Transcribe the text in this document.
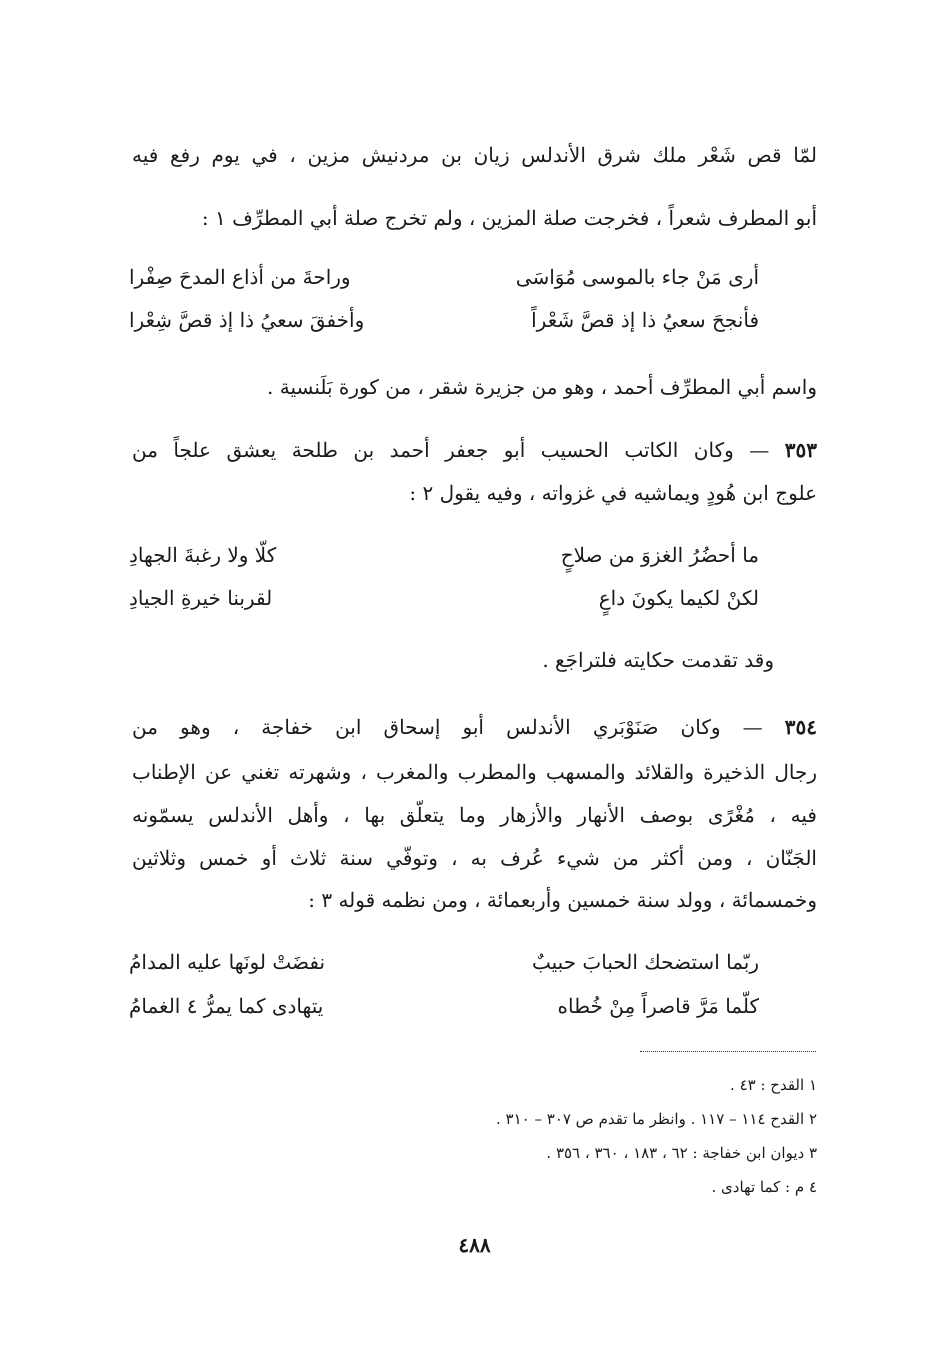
لمّا قص شَعْر ملك شرق الأندلس زيان بن مردنيش مزين ، في يوم رفع فيه
أبو المطرف شعراً ، فخرجت صلة المزين ، ولم تخرج صلة أبي المطرِّف ١ :
أرى مَنْ جاء بالموسى مُوَاسَى
وراحةَ من أذاع المدحَ صِفْرا
فأنجحَ سعيُ ذا إذ قصَّ شَعْراً
وأخفقَ سعيُ ذا إذ قصَّ شِعْرا
واسم أبي المطرِّف أحمد ، وهو من جزيرة شقر ، من كورة بَلَنسية .
٣٥٣ — وكان الكاتب الحسيب أبو جعفر أحمد بن طلحة يعشق علجاً من
علوج ابن هُودٍ ويماشيه في غزواته ، وفيه يقول ٢ :
ما أحضُرُ الغزوَ من صلاحٍ
كلّا ولا رغبةَ الجهادِ
لكنْ لكيما يكونَ داعٍ
لقربنا خيرةِ الجيادِ
وقد تقدمت حكايته فلتراجَع .
٣٥٤ — وكان صَنَوْبَري الأندلس أبو إسحاق ابن خفاجة ، وهو من
رجال الذخيرة والقلائد والمسهب والمطرب والمغرب ، وشهرته تغني عن الإطناب
فيه ، مُغْرًى بوصف الأنهار والأزهار وما يتعلّق بها ، وأهل الأندلس يسمّونه
الجَنّان ، ومن أكثر من شيء عُرف به ، وتوفّي سنة ثلاث أو خمس وثلاثين
وخمسمائة ، وولد سنة خمسين وأربعمائة ، ومن نظمه قوله ٣ :
ربّما استضحك الحبابَ حبيبٌ
نفضَتْ لونَها عليه المدامُ
كلّما مَرَّ قاصراً مِنْ خُطاه
يتهادى كما يمرُّ ٤ الغمامُ
١ القدح : ٤٣ .
٢ القدح ١١٤ – ١١٧ . وانظر ما تقدم ص ٣٠٧ – ٣١٠ .
٣ ديوان ابن خفاجة : ٦٢ ، ١٨٣ ، ٣٦٠ ، ٣٥٦ .
٤ م : كما تهادى .
٤٨٨
